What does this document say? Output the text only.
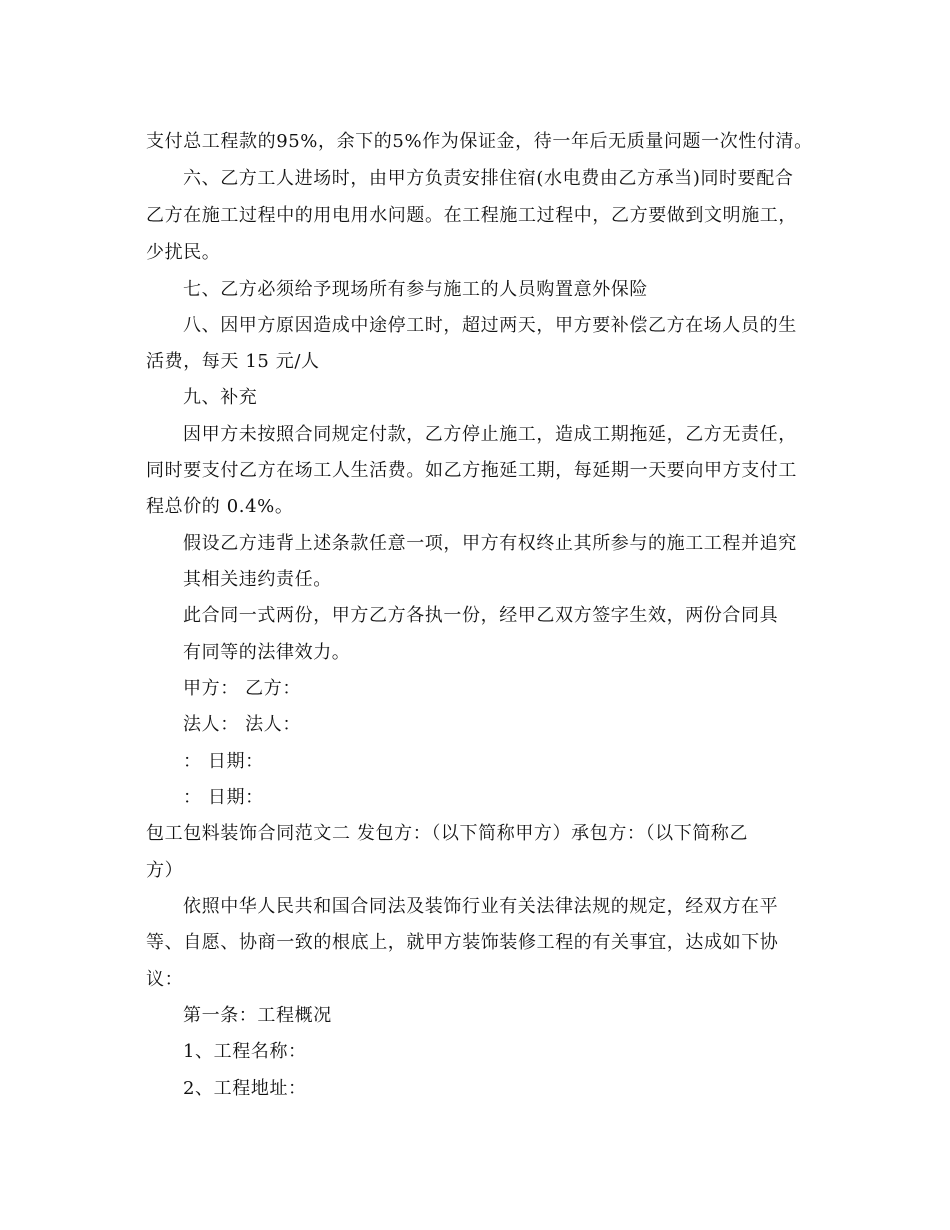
支付总工程款的95%，余下的5%作为保证金，待一年后无质量问题一次性付清。
六、乙方工人进场时，由甲方负责安排住宿(水电费由乙方承当)同时要配合
乙方在施工过程中的用电用水问题。在工程施工过程中，乙方要做到文明施工，
少扰民。
七、乙方必须给予现场所有参与施工的人员购置意外保险
八、因甲方原因造成中途停工时，超过两天，甲方要补偿乙方在场人员的生
活费，每天 15 元/人
九、补充
因甲方未按照合同规定付款，乙方停止施工，造成工期拖延，乙方无责任，
同时要支付乙方在场工人生活费。如乙方拖延工期，每延期一天要向甲方支付工
程总价的 0.4%。
假设乙方违背上述条款任意一项，甲方有权终止其所参与的施工工程并追究
其相关违约责任。
此合同一式两份，甲方乙方各执一份，经甲乙双方签字生效，两份合同具
有同等的法律效力。
甲方： 乙方：
法人： 法人：
： 日期：
： 日期：
包工包料装饰合同范文二 发包方：（以下简称甲方）承包方：（以下简称乙
方）
依照中华人民共和国合同法及装饰行业有关法律法规的规定，经双方在平
等、自愿、协商一致的根底上，就甲方装饰装修工程的有关事宜，达成如下协
议：
第一条：工程概况
1、工程名称：
2、工程地址：
